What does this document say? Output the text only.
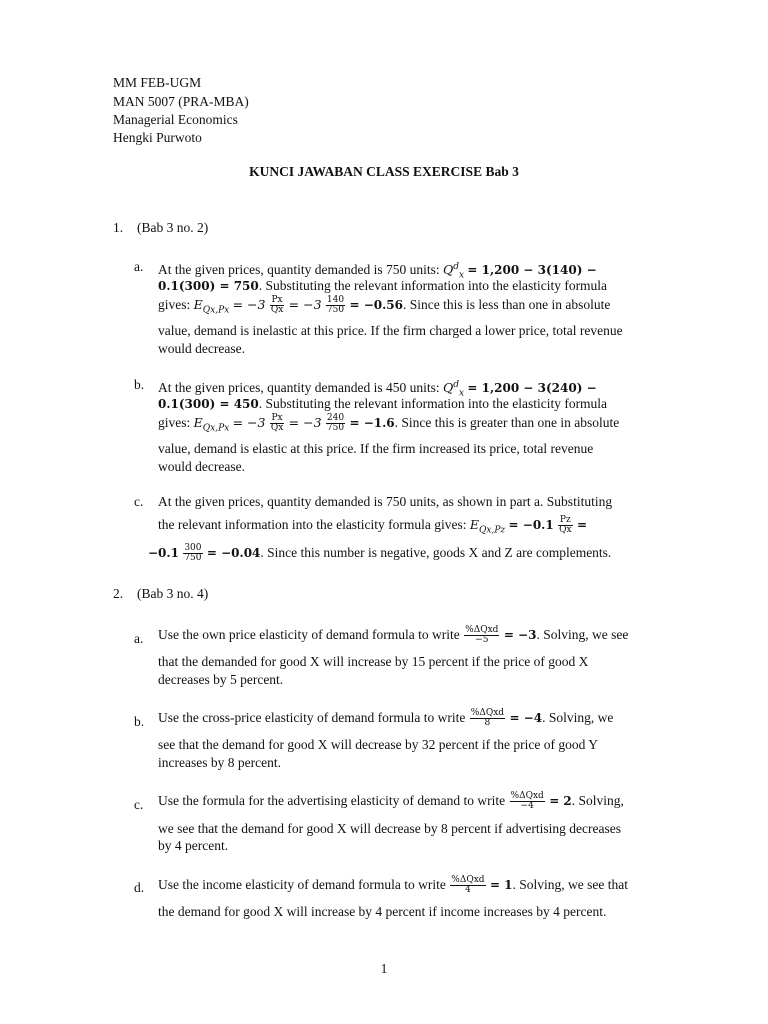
MM FEB-UGM
MAN 5007 (PRA-MBA)
Managerial Economics
Hengki Purwoto
KUNCI JAWABAN CLASS EXERCISE Bab 3
1. (Bab 3 no. 2)
a. At the given prices, quantity demanded is 750 units: $Q^d_x = 1,200 - 3(140)$ −
0.1(300) = 750. Substituting the relevant information into the elasticity formula
gives: $E_{Qx,Px} = -3 \frac{Px}{Qx} = -3 \frac{140}{750} = -0.56$. Since this is less than one in absolute
value, demand is inelastic at this price. If the firm charged a lower price, total revenue
would decrease.
b. At the given prices, quantity demanded is 450 units: $Q^d_x = 1,200 - 3(240)$ −
0.1(300) = 450. Substituting the relevant information into the elasticity formula
gives: $E_{Qx,Px} = -3 \frac{Px}{Qx} = -3 \frac{240}{750} = -1.6$. Since this is greater than one in absolute
value, demand is elastic at this price. If the firm increased its price, total revenue
would decrease.
c. At the given prices, quantity demanded is 750 units, as shown in part a. Substituting
the relevant information into the elasticity formula gives: $E_{Qx,Pz} = -0.1 \frac{Pz}{Qx}$ =
$-0.1 \frac{300}{750} = -0.04$. Since this number is negative, goods X and Z are complements.
2. (Bab 3 no. 4)
a. Use the own price elasticity of demand formula to write $\frac{\text{\%ΔQxd}}{-5} = -3$. Solving, we see
that the demanded for good X will increase by 15 percent if the price of good X
decreases by 5 percent.
b. Use the cross-price elasticity of demand formula to write $\frac{\text{\%ΔQxd}}{8} = -4$. Solving, we
see that the demand for good X will decrease by 32 percent if the price of good Y
increases by 8 percent.
c. Use the formula for the advertising elasticity of demand to write $\frac{\text{\%ΔQxd}}{-4} = 2$. Solving,
we see that the demand for good X will decrease by 8 percent if advertising decreases
by 4 percent.
d. Use the income elasticity of demand formula to write $\frac{\text{\%ΔQxd}}{4} = 1$. Solving, we see that
the demand for good X will increase by 4 percent if income increases by 4 percent.
1
